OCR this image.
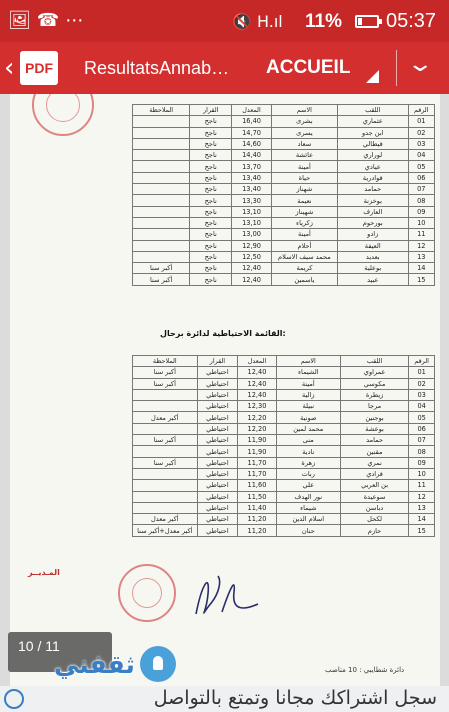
🖼☎⋯	🔇 H.ıl	11% 05:37
‹ PDF ResultatsAnnab… ACCUEIL	⌄
الملاحظة	القرار	المعدل	الاسم	اللقب	الرقم
	ناجح	16,40	بشرى	عثماري	01
	ناجح	14,70	يسرى	ابن جدو	02
	ناجح	14,60	سعاد	قيطالي	03
	ناجح	14,40	عائشة	لوراري	04
	ناجح	13,70	أمينة	عيادي	05
	ناجح	13,40	حياة	قوادرية	06
	ناجح	13,40	شهناز	حمامد	07
	ناجح	13,30	نعيمة	بوخزنة	08
	ناجح	13,10	شهيناز	العارف	09
	ناجح	13,10	زكرياء	بورحوم	10
	ناجح	13,00	أمينة	زادو	11
	ناجح	12,90	أحلام	العيفة	12
	ناجح	12,50	محمد سيف الاسلام	بعديد	13
أكبر سنا	ناجح	12,40	كريمة	بوعلية	14
أكبر سنا	ناجح	12,40	ياسمين	عبيد	15
القائمة الاحتياطية لدائرة برحال:
الملاحظة	القرار	المعدل	الاسم	اللقب	الرقم
أكبر سنا	احتياطي	12,40	الشيماء	عمراوي	01
أكبر سنا	احتياطي	12,40	أمينة	مكوسي	02
	احتياطي	12,40	زالية	زيطرة	03
	احتياطي	12,30	نبيلة	مرجا	04
أكبر معدل	احتياطي	12,20	صونية	بوجنين	05
	احتياطي	12,20	محمد لمين	بوعشة	06
أكبر سنا	احتياطي	11,90	منى	حمامد	07
	احتياطي	11,90	نادية	مقنين	08
أكبر سنا	احتياطي	11,70	زهرة	نمري	09
	احتياطي	11,70	ربات	قرادي	10
	احتياطي	11,60	علي	بن العربي	11
	احتياطي	11,50	نور الهدف	سوعيدة	12
	احتياطي	11,40	شيماء	دباسن	13
أكبر معدل	احتياطي	11,20	اسلام الدين	لكحل	14
أكبر معدل+أكبر سنا	احتياطي	11,20	حنان	حازم	15
المـديــر
دائرة شطايبي : 10 مناصب
10 / 11
ثقفني
سجل اشتراكك مجانا وتمتع بالتواصل
